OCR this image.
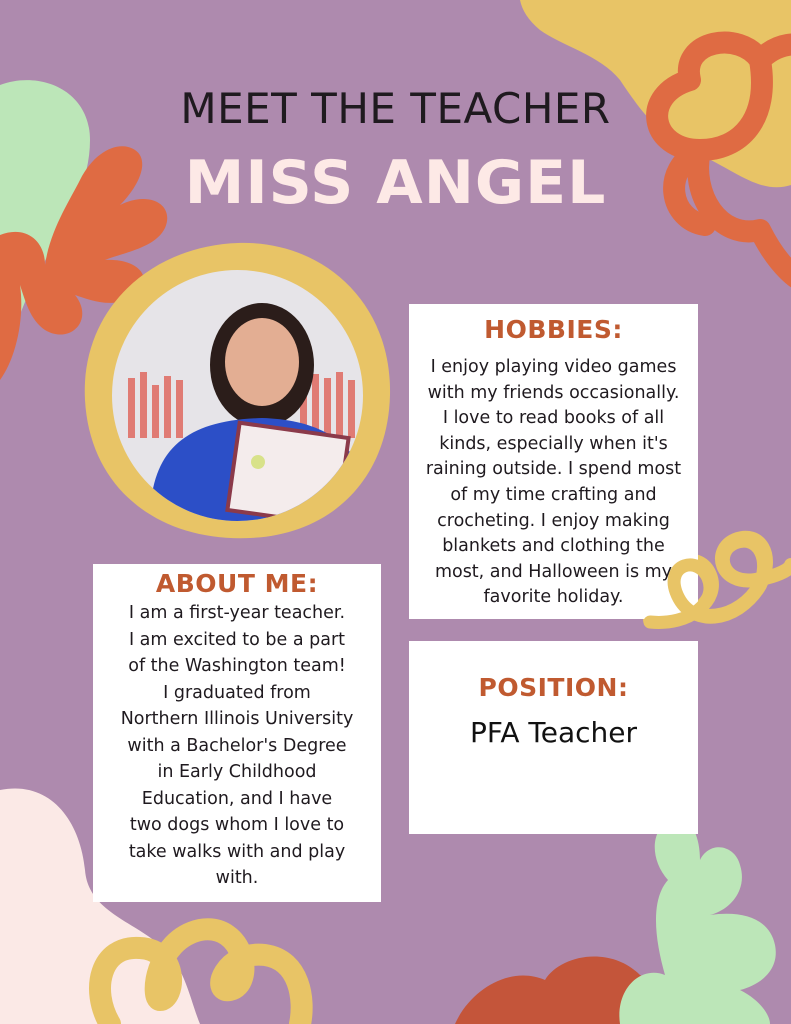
MEET THE TEACHER
MISS ANGEL
HOBBIES:

I enjoy playing video games
with my friends occasionally.
I love to read books of all
kinds, especially when it's
raining outside. I spend most
of my time crafting and
crocheting. I enjoy making
blankets and clothing the
most, and Halloween is my
favorite holiday.

ABOUT ME:

I am a first-year teacher.
I am excited to be a part
of the Washington team!
I graduated from
Northern Illinois University
with a Bachelor's Degree
in Early Childhood
Education, and I have
two dogs whom I love to
take walks with and play
with.

POSITION:
PFA Teacher
